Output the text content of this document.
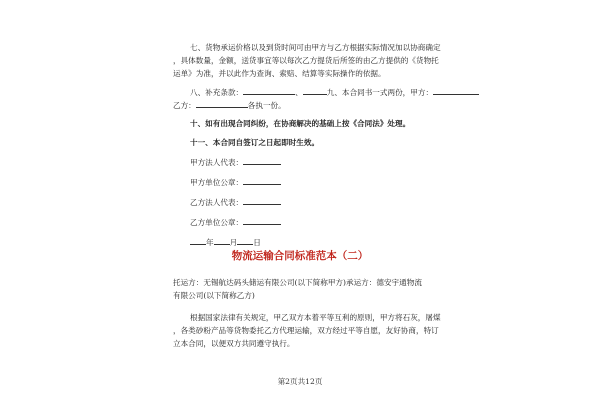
七、货物承运价格以及到货时间可由甲方与乙方根据实际情况加以协商确定
，具体数量，金额，送货事宜等以每次乙方提货后所签的由乙方提供的《货物托
运单》为准，并以此作为查询、索赔、结算等实际操作的依据。
八、补充条款：	、	九、本合同书一式两份，甲方：
乙方：	各执一份。
十、如有出现合同纠纷，在协商解决的基础上按《合同法》处理。
十一、本合同自签订之日起即时生效。
甲方法人代表：
甲方单位公章：
乙方法人代表：
乙方单位公章：
年 月 日
物流运输合同标准范本（二）
托运方：无锡航达码头储运有限公司(以下简称甲方)承运方：德安宇通物流
有限公司(以下简称乙方)
根据国家法律有关规定，甲乙双方本着平等互利的原则，甲方将石灰，屠煤
，各类砂粉产品等货物委托乙方代理运输，双方经过平等自愿，友好协商，特订
立本合同，以便双方共同遵守执行。
第2页共12页
